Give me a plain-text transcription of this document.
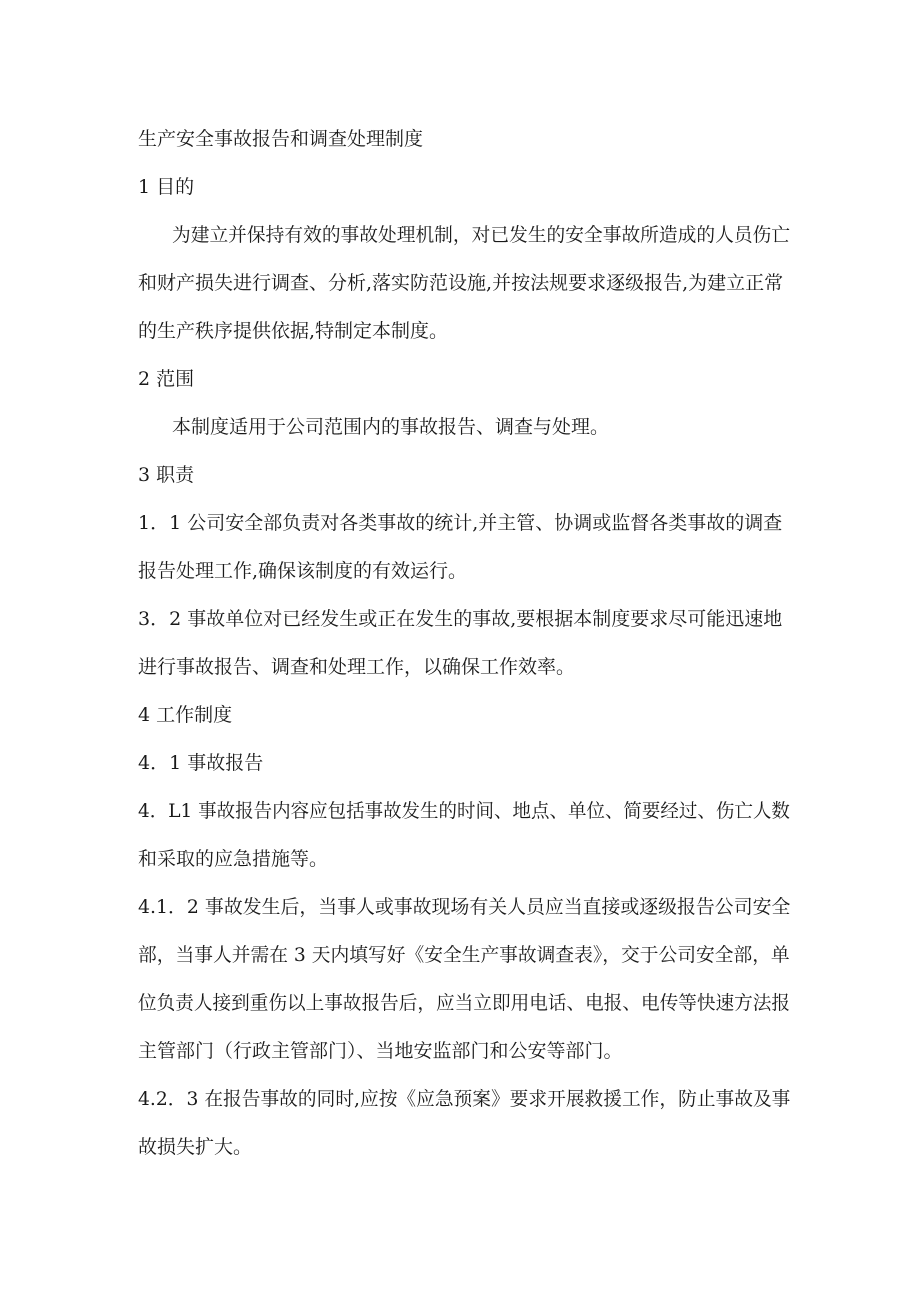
生产安全事故报告和调查处理制度
1 目的
为建立并保持有效的事故处理机制，对已发生的安全事故所造成的人员伤亡
和财产损失进行调查、分析,落实防范设施,并按法规要求逐级报告,为建立正常
的生产秩序提供依据,特制定本制度。
2 范围
本制度适用于公司范围内的事故报告、调查与处理。
3 职责
1．1 公司安全部负责对各类事故的统计,并主管、协调或监督各类事故的调查
报告处理工作,确保该制度的有效运行。
3．2 事故单位对已经发生或正在发生的事故,要根据本制度要求尽可能迅速地
进行事故报告、调查和处理工作，以确保工作效率。
4 工作制度
4．1 事故报告
4．L1 事故报告内容应包括事故发生的时间、地点、单位、简要经过、伤亡人数
和采取的应急措施等。
4.1．2 事故发生后，当事人或事故现场有关人员应当直接或逐级报告公司安全
部，当事人并需在 3 天内填写好《安全生产事故调查表》，交于公司安全部，单
位负责人接到重伤以上事故报告后，应当立即用电话、电报、电传等快速方法报
主管部门（行政主管部门）、当地安监部门和公安等部门。
4.2．3 在报告事故的同时,应按《应急预案》要求开展救援工作，防止事故及事
故损失扩大。
